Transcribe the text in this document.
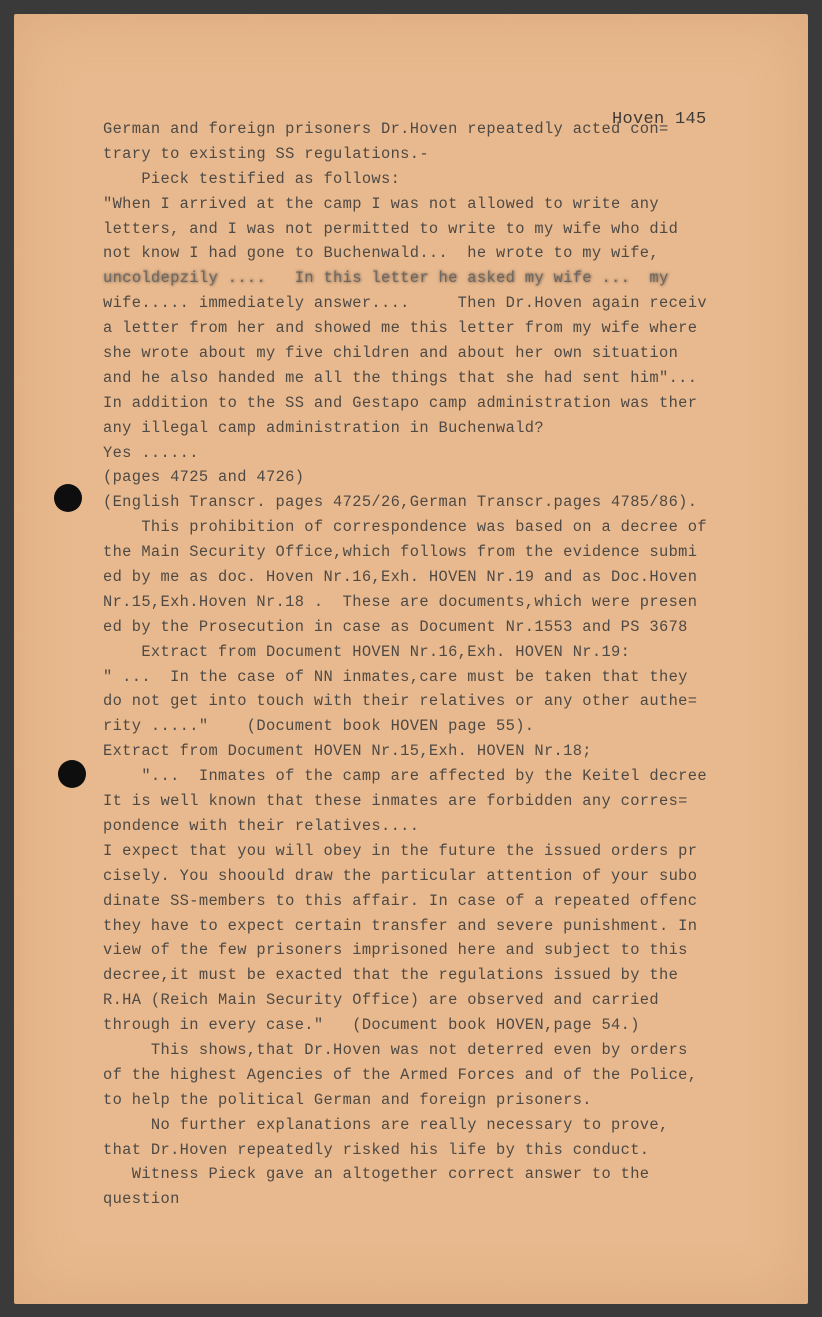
Hoven 145
German and foreign prisoners Dr.Hoven repeatedly acted con=
trary to existing SS regulations.-
Pieck testified as follows:
"When I arrived at the camp I was not allowed to write any
letters, and I was not permitted to write to my wife who did
not know I had gone to Buchenwald...  he wrote to my wife,
uncoldepzily ....   In this letter he asked my wife ...  my
wife..... immediately answer....     Then Dr.Hoven again receiv
a letter from her and showed me this letter from my wife where
she wrote about my five children and about her own situation
and he also handed me all the things that she had sent him"...
In addition to the SS and Gestapo camp administration was ther
any illegal camp administration in Buchenwald?
Yes ......
(pages 4725 and 4726)
(English Transcr. pages 4725/26,German Transcr.pages 4785/86).
This prohibition of correspondence was based on a decree of
the Main Security Office,which follows from the evidence submi
ed by me as doc. Hoven Nr.16,Exh. HOVEN Nr.19 and as Doc.Hoven
Nr.15,Exh.Hoven Nr.18 .  These are documents,which were presen
ed by the Prosecution in case as Document Nr.1553 and PS 3678
Extract from Document HOVEN Nr.16,Exh. HOVEN Nr.19:
" ...  In the case of NN inmates,care must be taken that they
do not get into touch with their relatives or any other authe=
rity ....."    (Document book HOVEN page 55).
Extract from Document HOVEN Nr.15,Exh. HOVEN Nr.18;
"...  Inmates of the camp are affected by the Keitel decree
It is well known that these inmates are forbidden any corres=
pondence with their relatives....
I expect that you will obey in the future the issued orders pr
cisely. You shoould draw the particular attention of your subo
dinate SS-members to this affair. In case of a repeated offenc
they have to expect certain transfer and severe punishment. In
view of the few prisoners imprisoned here and subject to this
decree,it must be exacted that the regulations issued by the
R.HA (Reich Main Security Office) are observed and carried
through in every case."   (Document book HOVEN,page 54.)
This shows,that Dr.Hoven was not deterred even by orders
of the highest Agencies of the Armed Forces and of the Police,
to help the political German and foreign prisoners.
No further explanations are really necessary to prove,
that Dr.Hoven repeatedly risked his life by this conduct.
Witness Pieck gave an altogether correct answer to the
question
